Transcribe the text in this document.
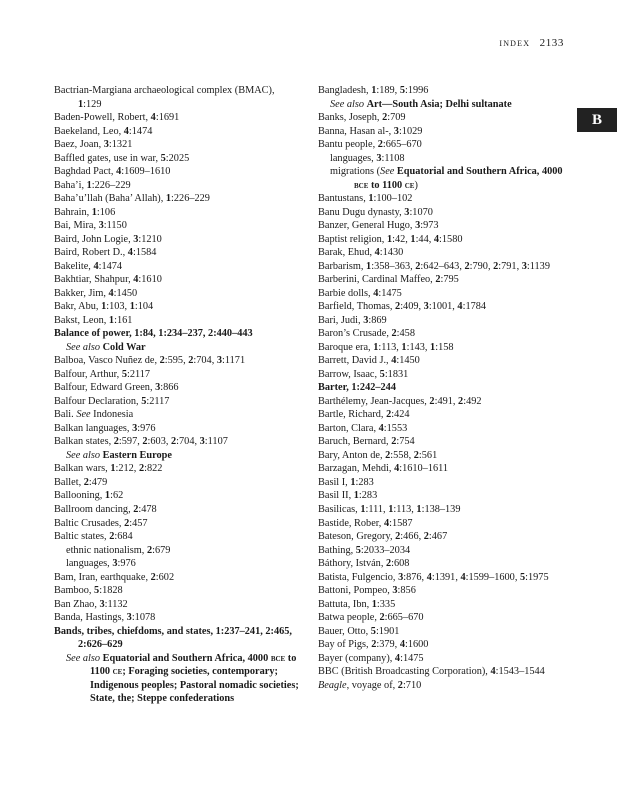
index 2133
B
Bactrian-Margiana archaeological complex (BMAC), 1:129
Baden-Powell, Robert, 4:1691
Baekeland, Leo, 4:1474
Baez, Joan, 3:1321
Baffled gates, use in war, 5:2025
Baghdad Pact, 4:1609–1610
Baha’i, 1:226–229
Baha’u’llah (Baha’ Allah), 1:226–229
Bahrain, 1:106
Bai, Mira, 3:1150
Baird, John Logie, 3:1210
Baird, Robert D., 4:1584
Bakelite, 4:1474
Bakhtiar, Shahpur, 4:1610
Bakker, Jim, 4:1450
Bakr, Abu, 1:103, 1:104
Bakst, Leon, 1:161
Balance of power, 1:84, 1:234–237, 2:440–443
See also Cold War
Balboa, Vasco Nuñez de, 2:595, 2:704, 3:1171
Balfour, Arthur, 5:2117
Balfour, Edward Green, 3:866
Balfour Declaration, 5:2117
Bali. See Indonesia
Balkan languages, 3:976
Balkan states, 2:597, 2:603, 2:704, 3:1107
See also Eastern Europe
Balkan wars, 1:212, 2:822
Ballet, 2:479
Ballooning, 1:62
Ballroom dancing, 2:478
Baltic Crusades, 2:457
Baltic states, 2:684
ethnic nationalism, 2:679
languages, 3:976
Bam, Iran, earthquake, 2:602
Bamboo, 5:1828
Ban Zhao, 3:1132
Banda, Hastings, 3:1078
Bands, tribes, chiefdoms, and states, 1:237–241, 2:465, 2:626–629
See also Equatorial and Southern Africa, 4000 bce to 1100 ce; Foraging societies, contemporary; Indigenous peoples; Pastoral nomadic societies; State, the; Steppe confederations
Bangladesh, 1:189, 5:1996
See also Art—South Asia; Delhi sultanate
Banks, Joseph, 2:709
Banna, Hasan al-, 3:1029
Bantu people, 2:665–670
languages, 3:1108
migrations (See Equatorial and Southern Africa, 4000 bce to 1100 ce)
Bantustans, 1:100–102
Banu Dugu dynasty, 3:1070
Banzer, General Hugo, 3:973
Baptist religion, 1:42, 1:44, 4:1580
Barak, Ehud, 4:1430
Barbarism, 1:358–363, 2:642–643, 2:790, 2:791, 3:1139
Barberini, Cardinal Maffeo, 2:795
Barbie dolls, 4:1475
Barfield, Thomas, 2:409, 3:1001, 4:1784
Bari, Judi, 3:869
Baron’s Crusade, 2:458
Baroque era, 1:113, 1:143, 1:158
Barrett, David J., 4:1450
Barrow, Isaac, 5:1831
Barter, 1:242–244
Barthélemy, Jean-Jacques, 2:491, 2:492
Bartle, Richard, 2:424
Barton, Clara, 4:1553
Baruch, Bernard, 2:754
Bary, Anton de, 2:558, 2:561
Barzagan, Mehdi, 4:1610–1611
Basil I, 1:283
Basil II, 1:283
Basilicas, 1:111, 1:113, 1:138–139
Bastide, Rober, 4:1587
Bateson, Gregory, 2:466, 2:467
Bathing, 5:2033–2034
Báthory, István, 2:608
Batista, Fulgencio, 3:876, 4:1391, 4:1599–1600, 5:1975
Battoni, Pompeo, 3:856
Battuta, Ibn, 1:335
Batwa people, 2:665–670
Bauer, Otto, 5:1901
Bay of Pigs, 2:379, 4:1600
Bayer (company), 4:1475
BBC (British Broadcasting Corporation), 4:1543–1544
Beagle, voyage of, 2:710
